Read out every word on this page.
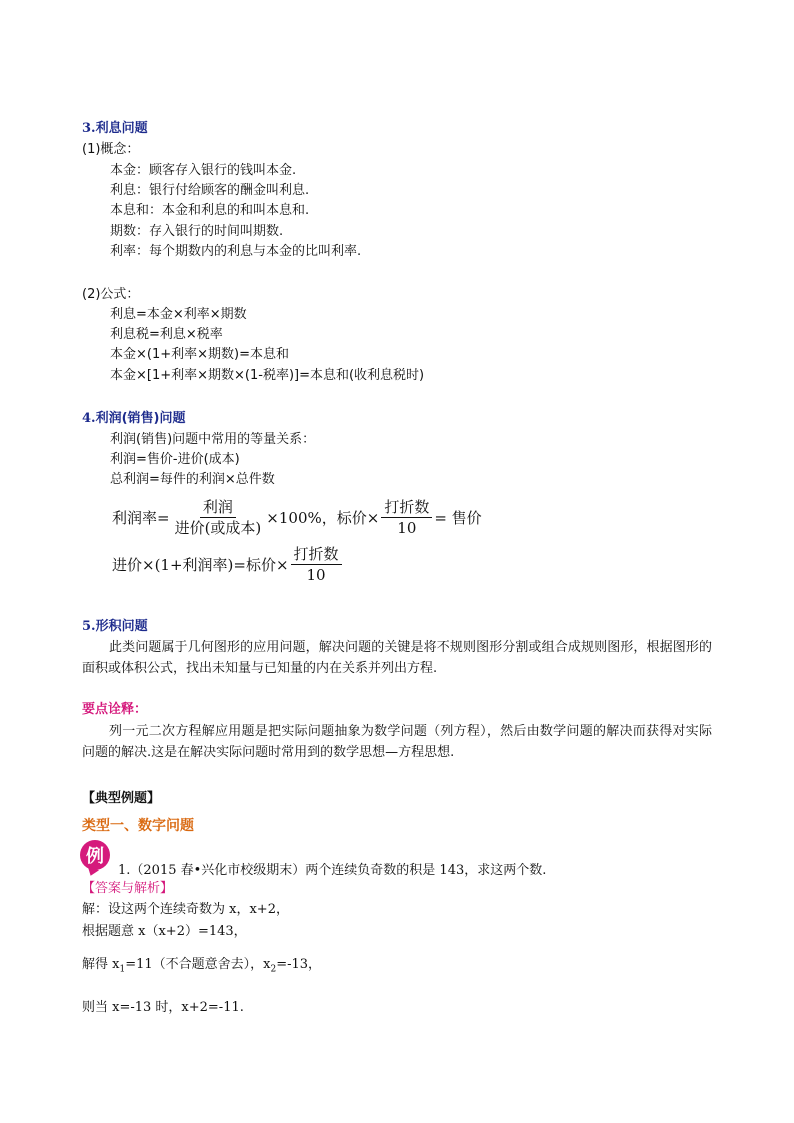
3.利息问题
(1)概念：
本金：顾客存入银行的钱叫本金.
利息：银行付给顾客的酬金叫利息.
本息和：本金和利息的和叫本息和.
期数：存入银行的时间叫期数.
利率：每个期数内的利息与本金的比叫利率.
(2)公式：
利息=本金×利率×期数
利息税=利息×税率
本金×(1+利率×期数)=本息和
本金×[1+利率×期数×(1-税率)]=本息和(收利息税时)
4.利润(销售)问题
利润(销售)问题中常用的等量关系：
利润=售价-进价(成本)
总利润=每件的利润×总件数
利润率= $\frac{\text{利润}}{\text{进价(或成本)}} \times 100\%$，标价× $\frac{\text{打折数}}{10}$ = 售价
进价×(1+利润率)=标价× $\frac{\text{打折数}}{10}$
5.形积问题
此类问题属于几何图形的应用问题，解决问题的关键是将不规则图形分割或组合成规则图形，根据图形的面积或体积公式，找出未知量与已知量的内在关系并列出方程.
要点诠释：
列一元二次方程解应用题是把实际问题抽象为数学问题（列方程），然后由数学问题的解决而获得对实际问题的解决.这是在解决实际问题时常用到的数学思想—方程思想.
【典型例题】
类型一、数字问题
例
1.（2015 春•兴化市校级期末）两个连续负奇数的积是 143，求这两个数.
【答案与解析】
解：设这两个连续奇数为 x，x+2，
根据题意 x（x+2）=143，
解得 $x_1=11$（不合题意舍去），$x_2=-13$，
则当 x=-13 时，x+2=-11.
